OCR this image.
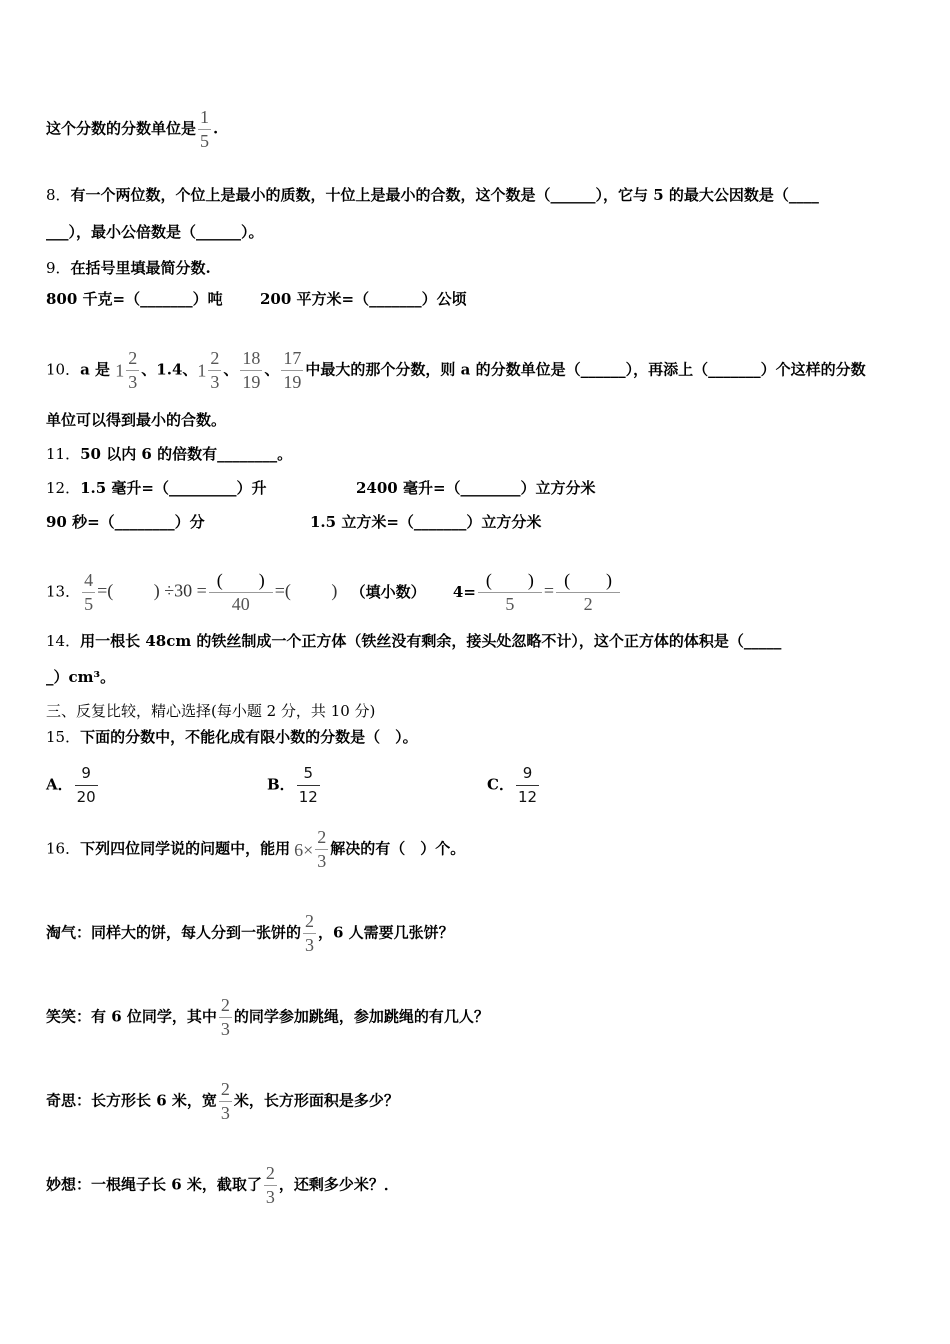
这个分数的分数单位是 $\frac{1}{5}$ .
8．有一个两位数，个位上是最小的质数，十位上是最小的合数，这个数是（______），它与 5 的最大公因数是（____
___），最小公倍数是（______）。
9．在括号里填最简分数.
800 千克=（_______）吨 200 平方米=（_______）公顷
10．a 是 $1 \frac{2}{3}$ 、1.4、$1 \frac{2}{3}$ 、 $\frac{18}{19}$ 、 $\frac{17}{19}$ 中最大的那个分数，则 a 的分数单位是（______），再添上（_______）个这样的分数
单位可以得到最小的合数。
11．50 以内 6 的倍数有________。
12．1.5 毫升=（_________）升	2400 毫升=（________）立方分米
90 秒=（________）分	1.5 立方米=（_______）立方分米
13． $\frac{4}{5}$ =(　　 ) $\div 30 = \frac{( )}{40}$ =(　　 ) （填小数） $4= \frac{( )}{5} = \frac{( )}{2}$
14．用一根长 48cm 的铁丝制成一个正方体（铁丝没有剩余，接头处忽略不计），这个正方体的体积是（_____
_）cm³。
三、反复比较，精心选择(每小题 2 分，共 10 分)
15．下面的分数中，不能化成有限小数的分数是（　）。
A． $\frac{9}{20}$	B． $\frac{5}{12}$	C． $\frac{9}{12}$
16．下列四位同学说的问题中，能用 $6\times \frac{2}{3}$ 解决的有（　）个。
淘气：同样大的饼，每人分到一张饼的 $\frac{2}{3}$ ，6 人需要几张饼？
笑笑：有 6 位同学，其中 $\frac{2}{3}$ 的同学参加跳绳，参加跳绳的有几人？
奇思：长方形长 6 米，宽 $\frac{2}{3}$ 米，长方形面积是多少？
妙想：一根绳子长 6 米，截取了 $\frac{2}{3}$ ，还剩多少米？．
